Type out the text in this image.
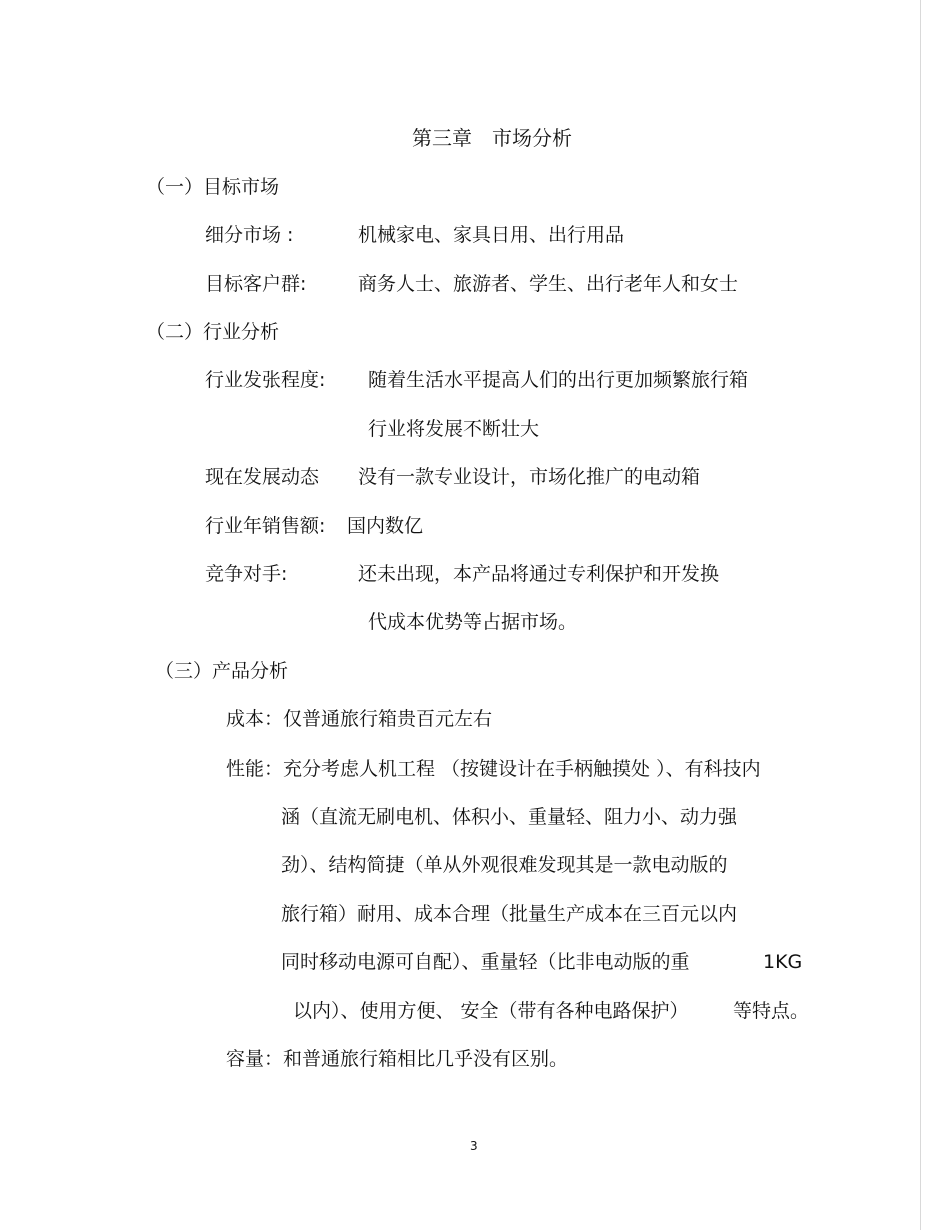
第三章　市场分析
（一）目标市场
细分市场 :	机械家电、家具日用、出行用品
目标客户群:	商务人士、旅游者、学生、出行老年人和女士
（二）行业分析
行业发张程度: 随着生活水平提高人们的出行更加频繁旅行箱
行业将发展不断壮大
现在发展动态 没有一款专业设计，市场化推广的电动箱
行业年销售额: 国内数亿
竞争对手:	还未出现，本产品将通过专利保护和开发换
代成本优势等占据市场。
（三）产品分析
成本：仅普通旅行箱贵百元左右
性能：充分考虑人机工程 （按键设计在手柄触摸处 ）、有科技内
涵（直流无刷电机、体积小、重量轻、阻力小、动力强
劲）、结构简捷（单从外观很难发现其是一款电动版的
旅行箱）耐用、成本合理（批量生产成本在三百元以内
同时移动电源可自配）、重量轻（比非电动版的重	1KG
以内）、使用方便、 安全（带有各种电路保护） 等特点。
容量：和普通旅行箱相比几乎没有区别。
3
